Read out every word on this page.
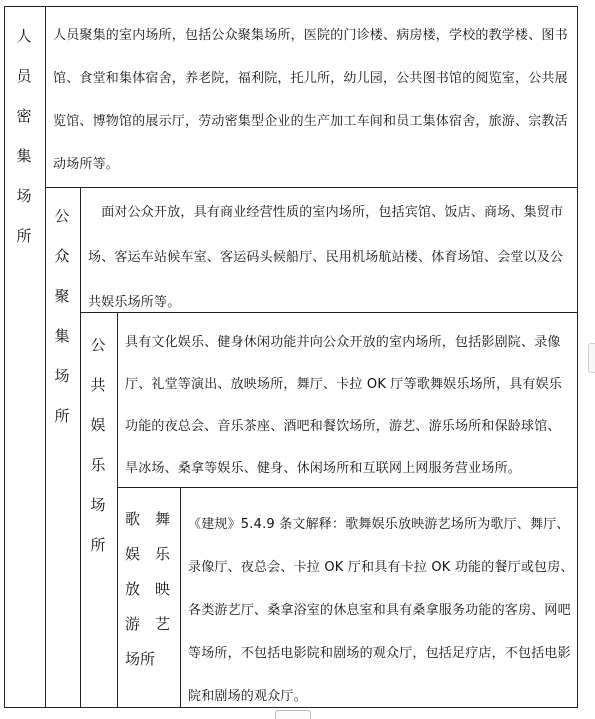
人员密集场所
公众聚集场所
公共娱乐场所
歌　舞
娱　乐
放　映
游　艺
场所
人员聚集的室内场所，包括公众聚集场所，医院的门诊楼、病房楼，学校的教学楼、图书馆、食堂和集体宿舍，养老院，福利院，托儿所，幼儿园，公共图书馆的阅览室，公共展览馆、博物馆的展示厅，劳动密集型企业的生产加工车间和员工集体宿舍，旅游、宗教活动场所等。
　面对公众开放，具有商业经营性质的室内场所，包括宾馆、饭店、商场、集贸市场、客运车站候车室、客运码头候船厅、民用机场航站楼、体育场馆、会堂以及公共娱乐场所等。
具有文化娱乐、健身休闲功能并向公众开放的室内场所，包括影剧院、录像厅、礼堂等演出、放映场所，舞厅、卡拉 OK 厅等歌舞娱乐场所，具有娱乐功能的夜总会、音乐茶座、酒吧和餐饮场所，游艺、游乐场所和保龄球馆、旱冰场、桑拿等娱乐、健身、休闲场所和互联网上网服务营业场所。
《建规》5.4.9 条文解释：歌舞娱乐放映游艺场所为歌厅、舞厅、录像厅、夜总会、卡拉 OK 厅和具有卡拉 OK 功能的餐厅或包房、各类游艺厅、桑拿浴室的休息室和具有桑拿服务功能的客房、网吧等场所，不包括电影院和剧场的观众厅，包括足疗店，不包括电影院和剧场的观众厅。
